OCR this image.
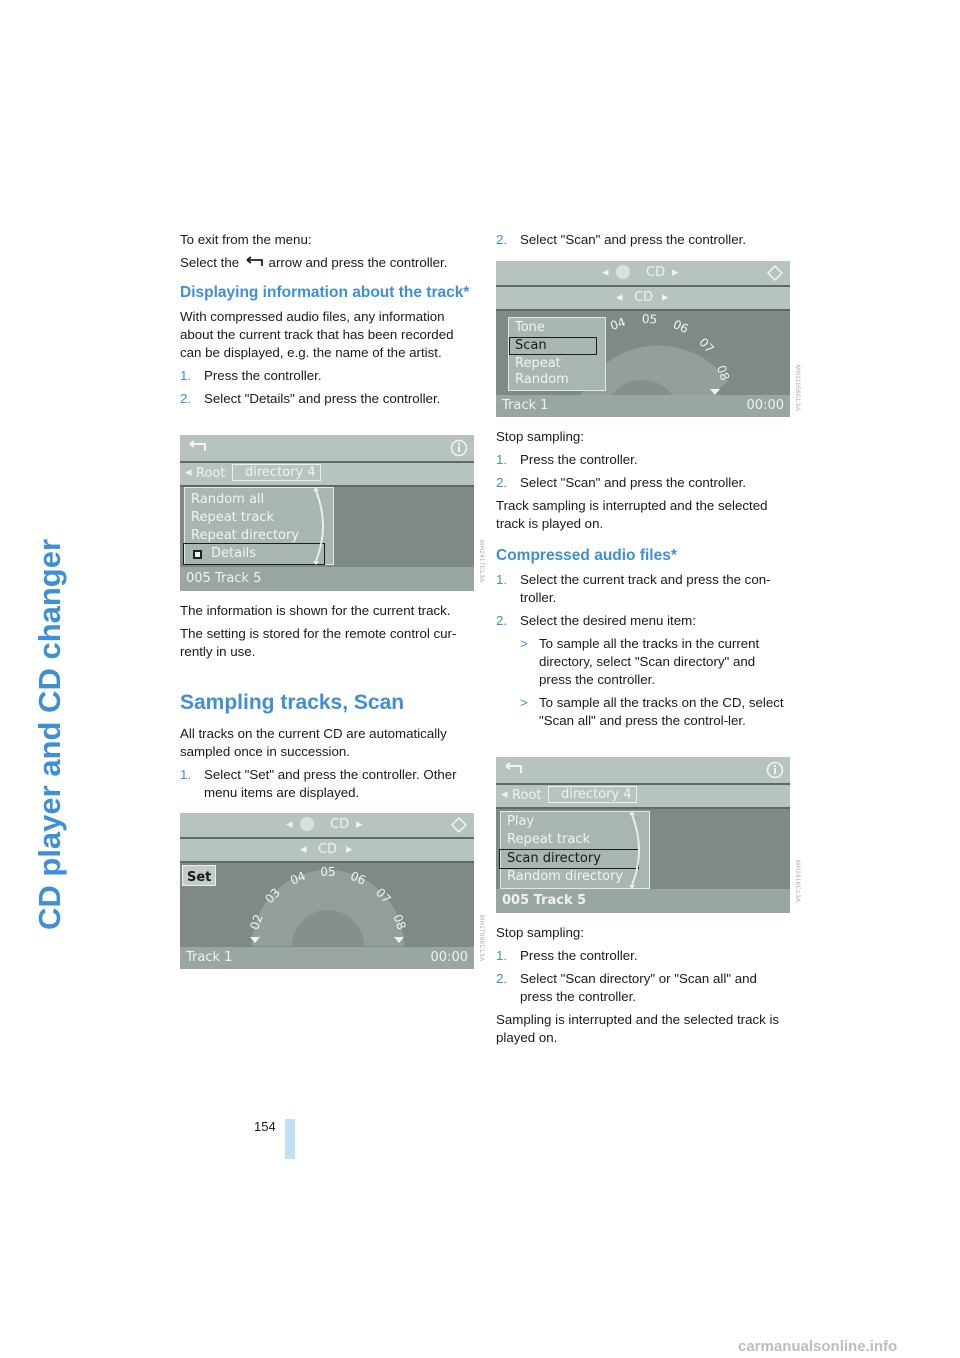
CD player and CD changer

To exit from the menu:

Select the arrow and press the controller.

Displaying information about the track*

With compressed audio files, any information about the current track that has been recorded can be displayed, e.g. the name of the artist.

1. Press the controller.
2. Select "Details" and press the controller.
◂ Root	directory 4
Random all
Repeat track
Repeat directory
Details
005 Track 5	MH2417CL3A

The information is shown for the current track.

The setting is stored for the remote control cur-rently in use.

Sampling tracks, Scan

All tracks on the current CD are automatically sampled once in succession.

1. Select "Set" and press the controller. Other menu items are displayed.
◂	CD ▸
◂ CD ▸
Set
02
03
04 05 06
07
08
Track 1	00:00 MH17056CL3A
2. Select "Scan" and press the controller.
◂	CD ▸
◂ CD ▸
04 05 06
07
08
Tone
Scan
Repeat
Random
Track 1	00:00 MH11056CL3A

Stop sampling:

1. Press the controller.
2. Select "Scan" and press the controller.

Track sampling is interrupted and the selected track is played on.

Compressed audio files*
1. Select the current track and press the con-troller.
2. Select the desired menu item:
> To sample all the tracks in the current directory, select "Scan directory" and press the controller.
> To sample all the tracks on the CD, select "Scan all" and press the control-ler.
◂ Root	directory 4
Play
Repeat track
Scan directory
Random directory
005 Track 5	MH2416CL3A

Stop sampling:

1. Press the controller.
2. Select "Scan directory" or "Scan all" and press the controller.

Sampling is interrupted and the selected track is played on.

154
carmanualsonline.info
